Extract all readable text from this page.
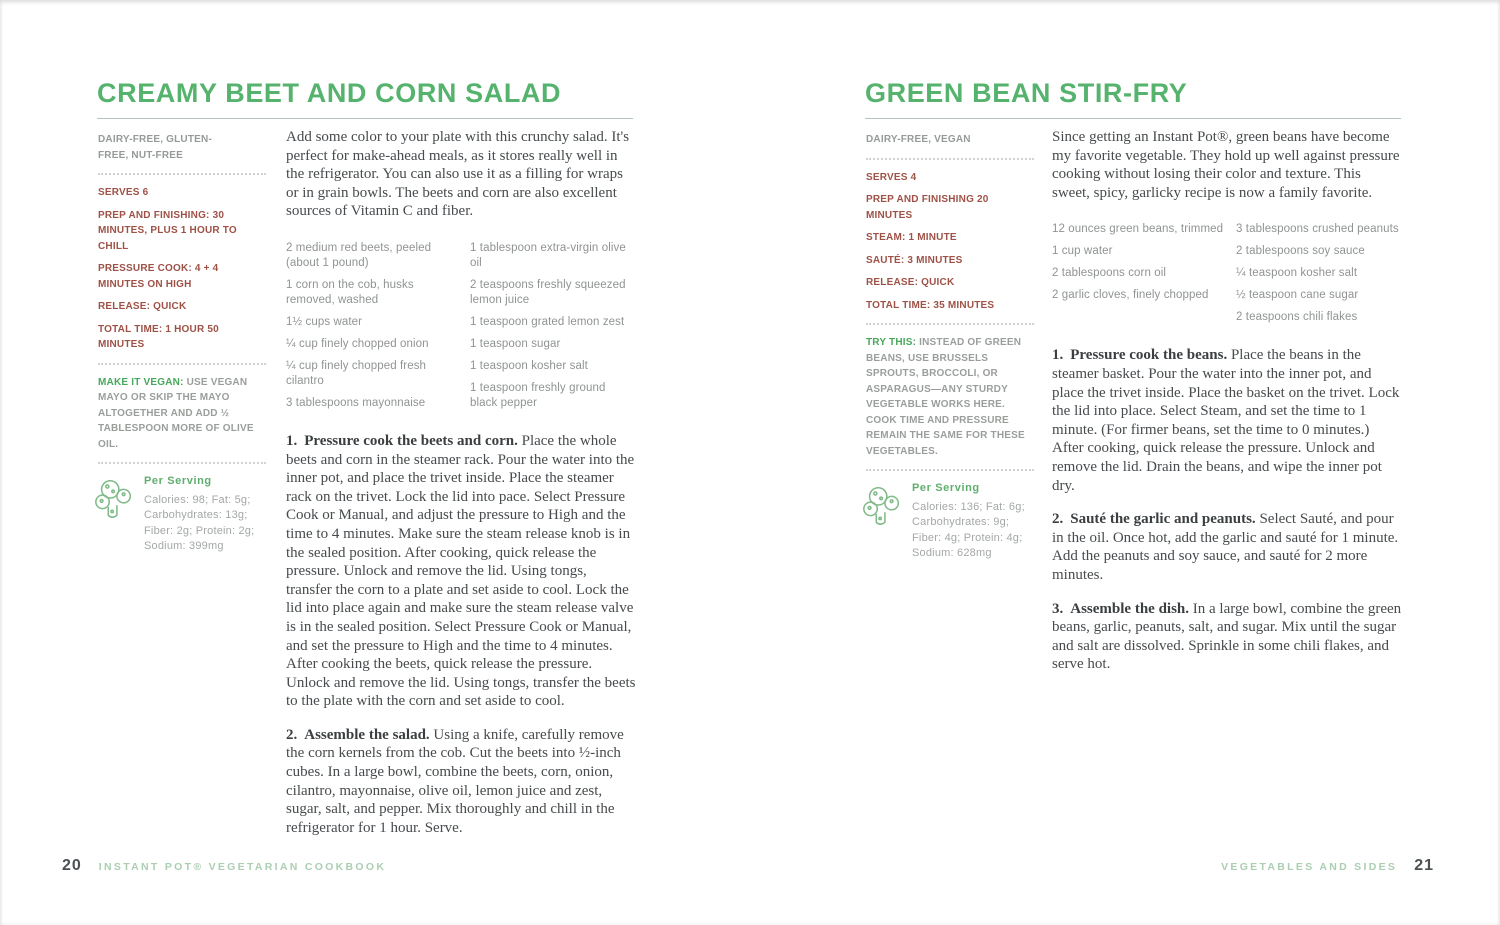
CREAMY BEET AND CORN SALAD
DAIRY-FREE, GLUTEN-FREE, NUT-FREE
SERVES 6
PREP AND FINISHING: 30 MINUTES, PLUS 1 HOUR TO CHILL
PRESSURE COOK: 4 + 4 MINUTES ON HIGH
RELEASE: QUICK
TOTAL TIME: 1 HOUR 50 MINUTES
MAKE IT VEGAN: USE VEGAN MAYO OR SKIP THE MAYO ALTOGETHER AND ADD ½ TABLESPOON MORE OF OLIVE OIL.
Per Serving
Calories: 98; Fat: 5g;
Carbohydrates: 13g;
Fiber: 2g; Protein: 2g;
Sodium: 399mg

Add some color to your plate with this crunchy salad. It's perfect for make-ahead meals, as it stores really well in the refrigerator. You can also use it as a filling for wraps or in grain bowls. The beets and corn are also excellent sources of Vitamin C and fiber.

2 medium red beets, peeled (about 1 pound)
1 corn on the cob, husks removed, washed
1½ cups water
¼ cup finely chopped onion
¼ cup finely chopped fresh cilantro
3 tablespoons mayonnaise
1 tablespoon extra-virgin olive oil
2 teaspoons freshly squeezed lemon juice
1 teaspoon grated lemon zest
1 teaspoon sugar
1 teaspoon kosher salt
1 teaspoon freshly ground black pepper

1. Pressure cook the beets and corn. Place the whole beets and corn in the steamer rack. Pour the water into the inner pot, and place the trivet inside. Place the steamer rack on the trivet. Lock the lid into pace. Select Pressure Cook or Manual, and adjust the pressure to High and the time to 4 minutes. Make sure the steam release knob is in the sealed position. After cooking, quick release the pressure. Unlock and remove the lid. Using tongs, transfer the corn to a plate and set aside to cool. Lock the lid into place again and make sure the steam release valve is in the sealed position. Select Pressure Cook or Manual, and set the pressure to High and the time to 4 minutes. After cooking the beets, quick release the pressure. Unlock and remove the lid. Using tongs, transfer the beets to the plate with the corn and set aside to cool.

2. Assemble the salad. Using a knife, carefully remove the corn kernels from the cob. Cut the beets into ½-inch cubes. In a large bowl, combine the beets, corn, onion, cilantro, mayonnaise, olive oil, lemon juice and zest, sugar, salt, and pepper. Mix thoroughly and chill in the refrigerator for 1 hour. Serve.

20 INSTANT POT® VEGETARIAN COOKBOOK
GREEN BEAN STIR-FRY
DAIRY-FREE, VEGAN
SERVES 4
PREP AND FINISHING 20 MINUTES
STEAM: 1 MINUTE
SAUTÉ: 3 MINUTES
RELEASE: QUICK
TOTAL TIME: 35 MINUTES
TRY THIS: INSTEAD OF GREEN BEANS, USE BRUSSELS SPROUTS, BROCCOLI, OR ASPARAGUS—ANY STURDY VEGETABLE WORKS HERE. COOK TIME AND PRESSURE REMAIN THE SAME FOR THESE VEGETABLES.
Per Serving
Calories: 136; Fat: 6g;
Carbohydrates: 9g;
Fiber: 4g; Protein: 4g;
Sodium: 628mg

Since getting an Instant Pot®, green beans have become my favorite vegetable. They hold up well against pressure cooking without losing their color and texture. This sweet, spicy, garlicky recipe is now a family favorite.

12 ounces green beans, trimmed
1 cup water
2 tablespoons corn oil
2 garlic cloves, finely chopped
3 tablespoons crushed peanuts
2 tablespoons soy sauce
¼ teaspoon kosher salt
½ teaspoon cane sugar
2 teaspoons chili flakes

1. Pressure cook the beans. Place the beans in the steamer basket. Pour the water into the inner pot, and place the trivet inside. Place the basket on the trivet. Lock the lid into place. Select Steam, and set the time to 1 minute. (For firmer beans, set the time to 0 minutes.) After cooking, quick release the pressure. Unlock and remove the lid. Drain the beans, and wipe the inner pot dry.

2. Sauté the garlic and peanuts. Select Sauté, and pour in the oil. Once hot, add the garlic and sauté for 1 minute. Add the peanuts and soy sauce, and sauté for 2 more minutes.

3. Assemble the dish. In a large bowl, combine the green beans, garlic, peanuts, salt, and sugar. Mix until the sugar and salt are dissolved. Sprinkle in some chili flakes, and serve hot.

VEGETABLES AND SIDES 21
